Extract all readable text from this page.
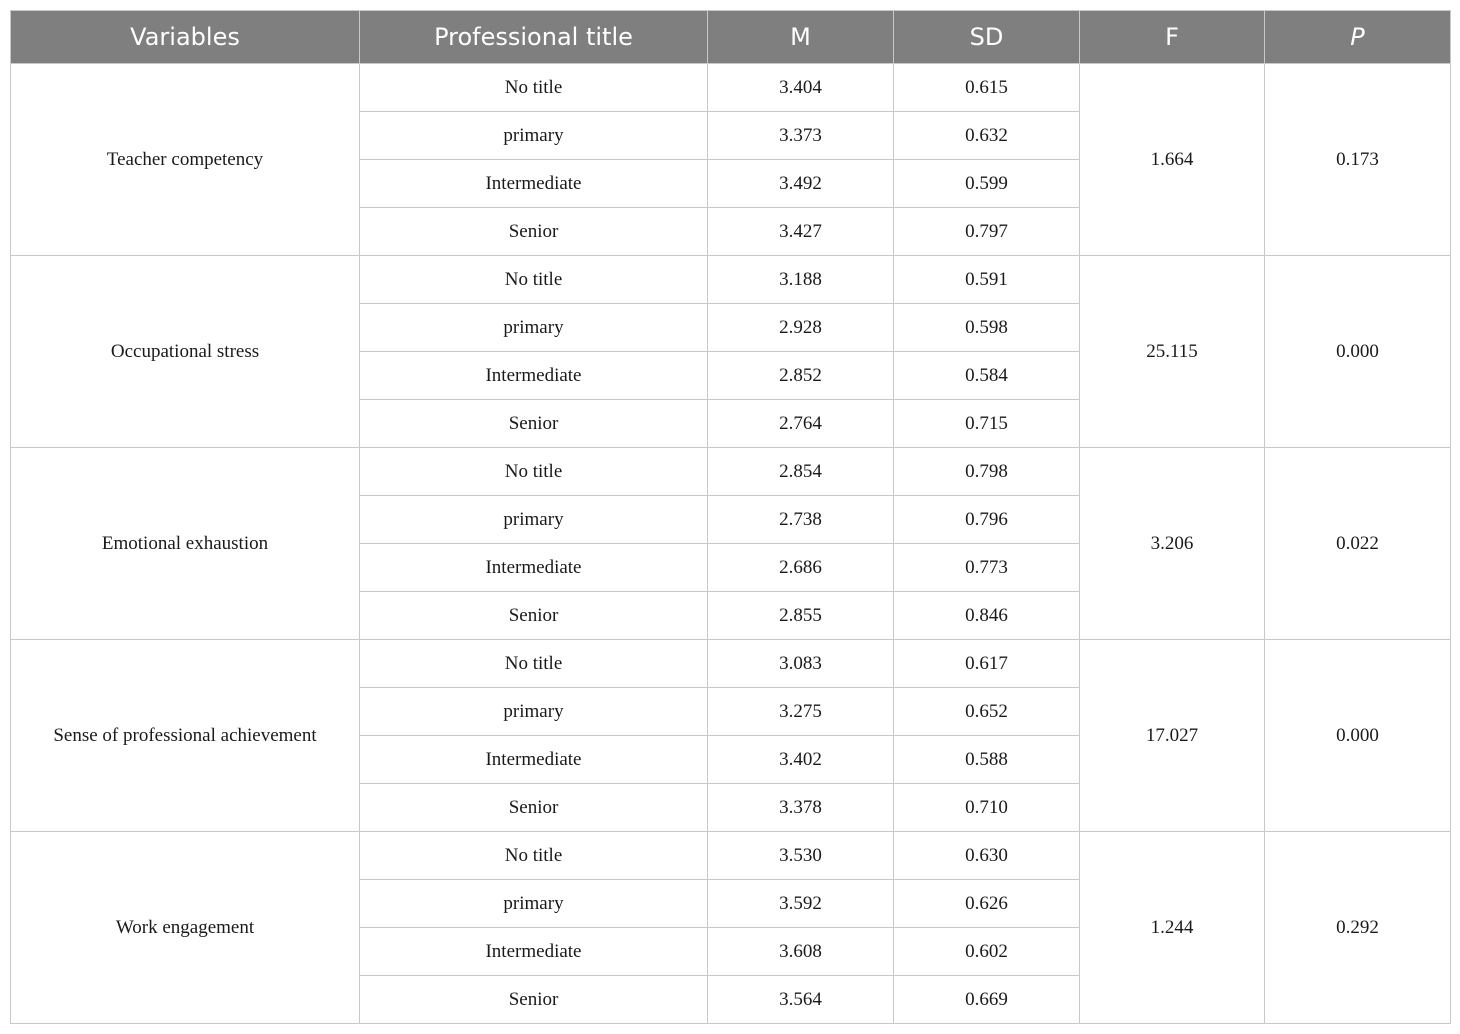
Variables	Professional title	M	SD	F	P
Teacher competency	No title	3.404	0.615	1.664	0.173
	primary	3.373	0.632		
	Intermediate	3.492	0.599		
	Senior	3.427	0.797		
Occupational stress	No title	3.188	0.591	25.115	0.000
	primary	2.928	0.598		
	Intermediate	2.852	0.584		
	Senior	2.764	0.715		
Emotional exhaustion	No title	2.854	0.798	3.206	0.022
	primary	2.738	0.796		
	Intermediate	2.686	0.773		
	Senior	2.855	0.846		
Sense of professional achievement	No title	3.083	0.617	17.027	0.000
	primary	3.275	0.652		
	Intermediate	3.402	0.588		
	Senior	3.378	0.710		
Work engagement	No title	3.530	0.630	1.244	0.292
	primary	3.592	0.626		
	Intermediate	3.608	0.602		
	Senior	3.564	0.669		
